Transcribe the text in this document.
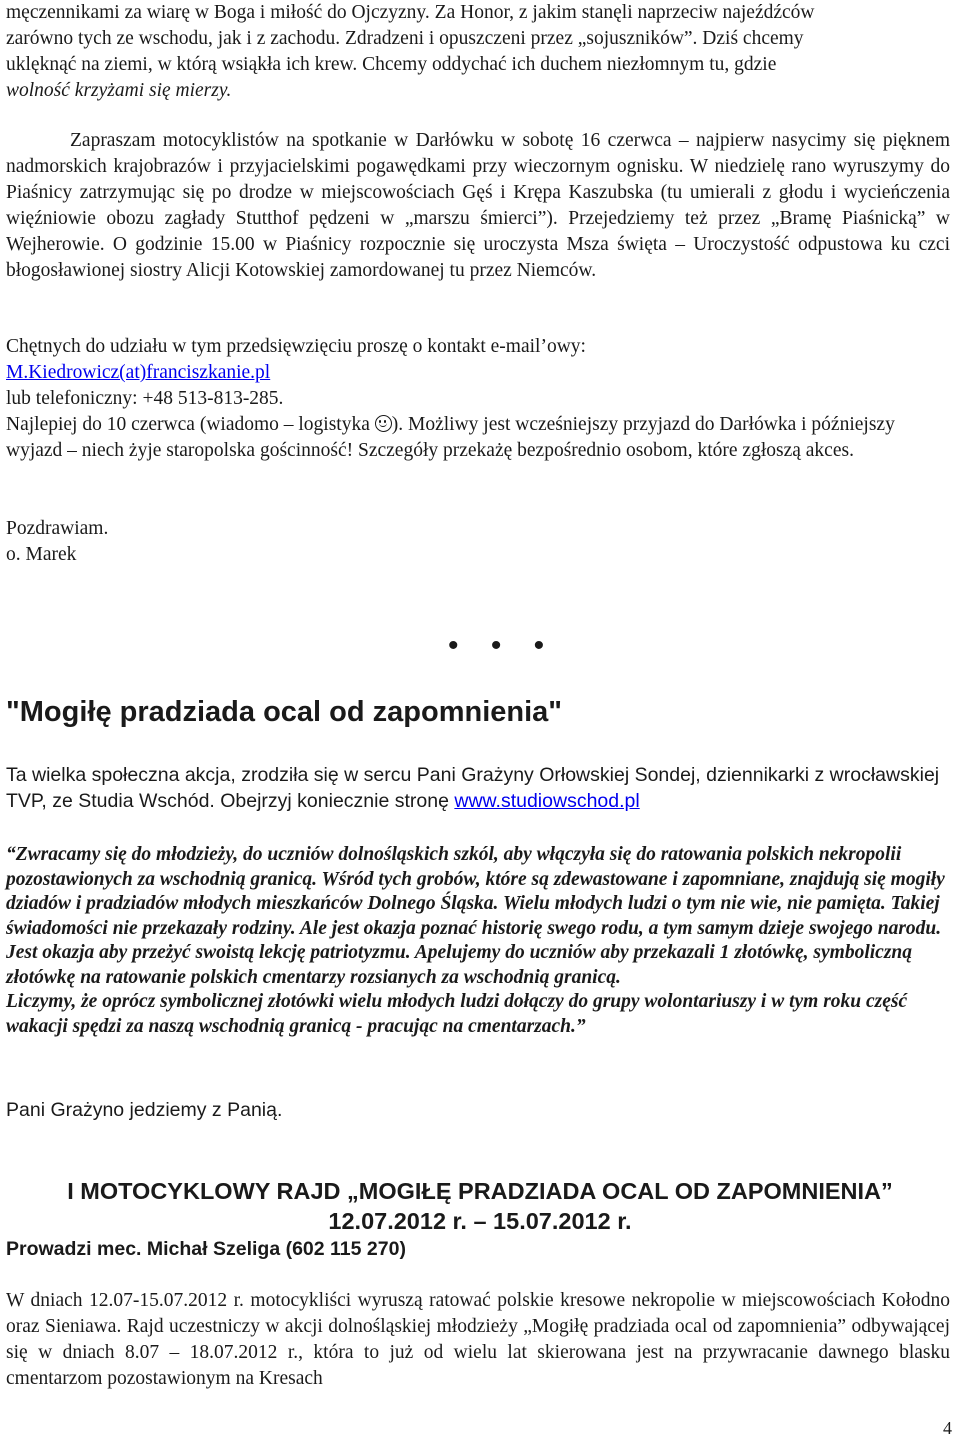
męczennikami za wiarę w Boga i miłość do Ojczyzny. Za Honor, z jakim stanęli naprzeciw najeźdźców

zarówno tych ze wschodu, jak i z zachodu. Zdradzeni i opuszczeni przez „sojuszników”. Dziś chcemy

uklęknąć na ziemi, w którą wsiąkła ich krew. Chcemy oddychać ich duchem niezłomnym tu, gdzie

wolność krzyżami się mierzy.

Zapraszam motocyklistów na spotkanie w Darłówku w sobotę 16 czerwca – najpierw nasycimy się pięknem nadmorskich krajobrazów i przyjacielskimi pogawędkami przy wieczornym ognisku. W niedzielę rano wyruszymy do Piaśnicy zatrzymując się po drodze w miejscowościach Gęś i Krępa Kaszubska (tu umierali z głodu i wycieńczenia więźniowie obozu zagłady Stutthof pędzeni w „marszu śmierci”). Przejedziemy też przez „Bramę Piaśnicką” w Wejherowie. O godzinie 15.00 w Piaśnicy rozpocznie się uroczysta Msza święta – Uroczystość odpustowa ku czci błogosławionej siostry Alicji Kotowskiej zamordowanej tu przez Niemców.

Chętnych do udziału w tym przedsięwzięciu proszę o kontakt e-mail’owy:

M.Kiedrowicz(at)franciszkanie.pl

lub telefoniczny: +48 513-813-285.

Najlepiej do 10 czerwca (wiadomo – logistyka ). Możliwy jest wcześniejszy przyjazd do Darłówka i późniejszy wyjazd – niech żyje staropolska gościnność! Szczegóły przekażę bezpośrednio osobom, które zgłoszą akces.

Pozdrawiam.

o. Marek

• • •
"Mogiłę pradziada ocal od zapomnienia"

Ta wielka społeczna akcja, zrodziła się w sercu Pani Grażyny Orłowskiej Sondej, dziennikarki z wrocławskiej TVP, ze Studia Wschód. Obejrzyj koniecznie stronę www.studiowschod.pl

“Zwracamy się do młodzieży, do uczniów dolnośląskich szkól, aby włączyła się do ratowania polskich nekropolii pozostawionych za wschodnią granicą. Wśród tych grobów, które są zdewastowane i zapomniane, znajdują się mogiły dziadów i pradziadów młodych mieszkańców Dolnego Śląska. Wielu młodych ludzi o tym nie wie, nie pamięta. Takiej świadomości nie przekazały rodziny. Ale jest okazja poznać historię swego rodu, a tym samym dzieje swojego narodu. Jest okazja aby przeżyć swoistą lekcję patriotyzmu. Apelujemy do uczniów aby przekazali 1 złotówkę, symboliczną złotówkę na ratowanie polskich cmentarzy rozsianych za wschodnią granicą.

Liczymy, że oprócz symbolicznej złotówki wielu młodych ludzi dołączy do grupy wolontariuszy i w tym roku część wakacji spędzi za naszą wschodnią granicą - pracując na cmentarzach.”

Pani Grażyno jedziemy z Panią.

I MOTOCYKLOWY RAJD „MOGIŁĘ PRADZIADA OCAL OD ZAPOMNIENIA”
12.07.2012 r. – 15.07.2012 r.
Prowadzi mec. Michał Szeliga (602 115 270)

W dniach 12.07-15.07.2012 r. motocykliści wyruszą ratować polskie kresowe nekropolie w miejscowościach Kołodno oraz Sieniawa. Rajd uczestniczy w akcji dolnośląskiej młodzieży „Mogiłę pradziada ocal od zapomnienia” odbywającej się w dniach 8.07 – 18.07.2012 r., która to już od wielu lat skierowana jest na przywracanie dawnego blasku cmentarzom pozostawionym na Kresach

4
